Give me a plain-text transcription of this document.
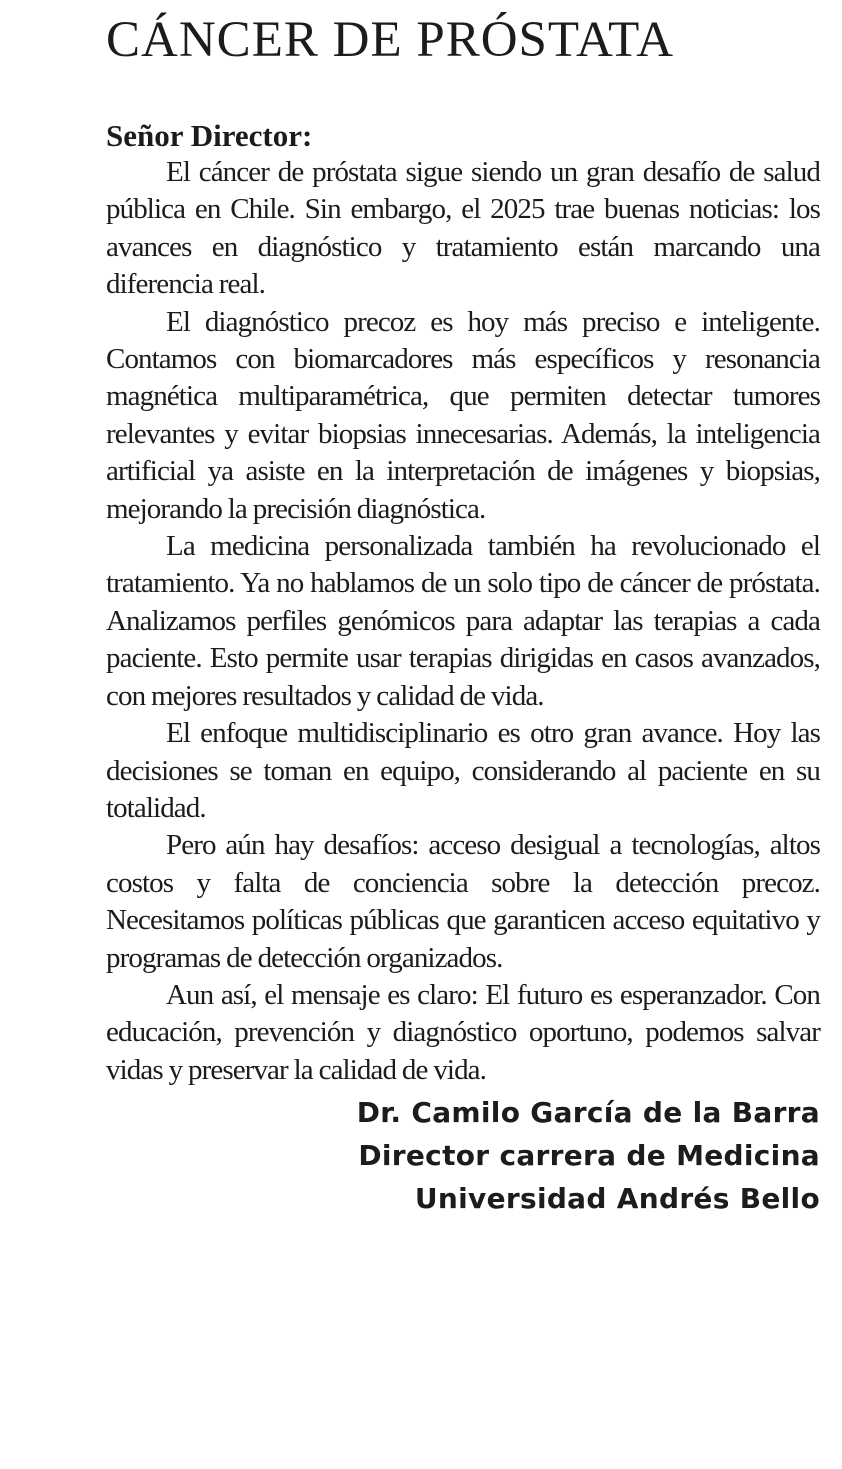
CÁNCER DE PRÓSTATA
Señor Director:

El cáncer de próstata sigue siendo un gran desafío de salud pública en Chile. Sin embargo, el 2025 trae buenas noticias: los avances en diagnóstico y tratamiento están marcando una diferencia real.

El diagnóstico precoz es hoy más preciso e inteligente. Contamos con biomarcadores más específicos y resonancia magnética multiparamétrica, que permiten detectar tumores relevantes y evitar biopsias innecesarias. Además, la inteligencia artificial ya asiste en la interpretación de imágenes y biopsias, mejorando la precisión diagnóstica.

La medicina personalizada también ha revolucionado el tratamiento. Ya no hablamos de un solo tipo de cáncer de próstata. Analizamos perfiles genómicos para adaptar las terapias a cada paciente. Esto permite usar terapias dirigidas en casos avanzados, con mejores resultados y calidad de vida.

El enfoque multidisciplinario es otro gran avance. Hoy las decisiones se toman en equipo, considerando al paciente en su totalidad.

Pero aún hay desafíos: acceso desigual a tecnologías, altos costos y falta de conciencia sobre la detección precoz. Necesitamos políticas públicas que garanticen acceso equitativo y programas de detección organizados.

Aun así, el mensaje es claro: El futuro es esperanzador. Con educación, prevención y diagnóstico oportuno, podemos salvar vidas y preservar la calidad de vida.

Dr. Camilo García de la Barra
Director carrera de Medicina
Universidad Andrés Bello
